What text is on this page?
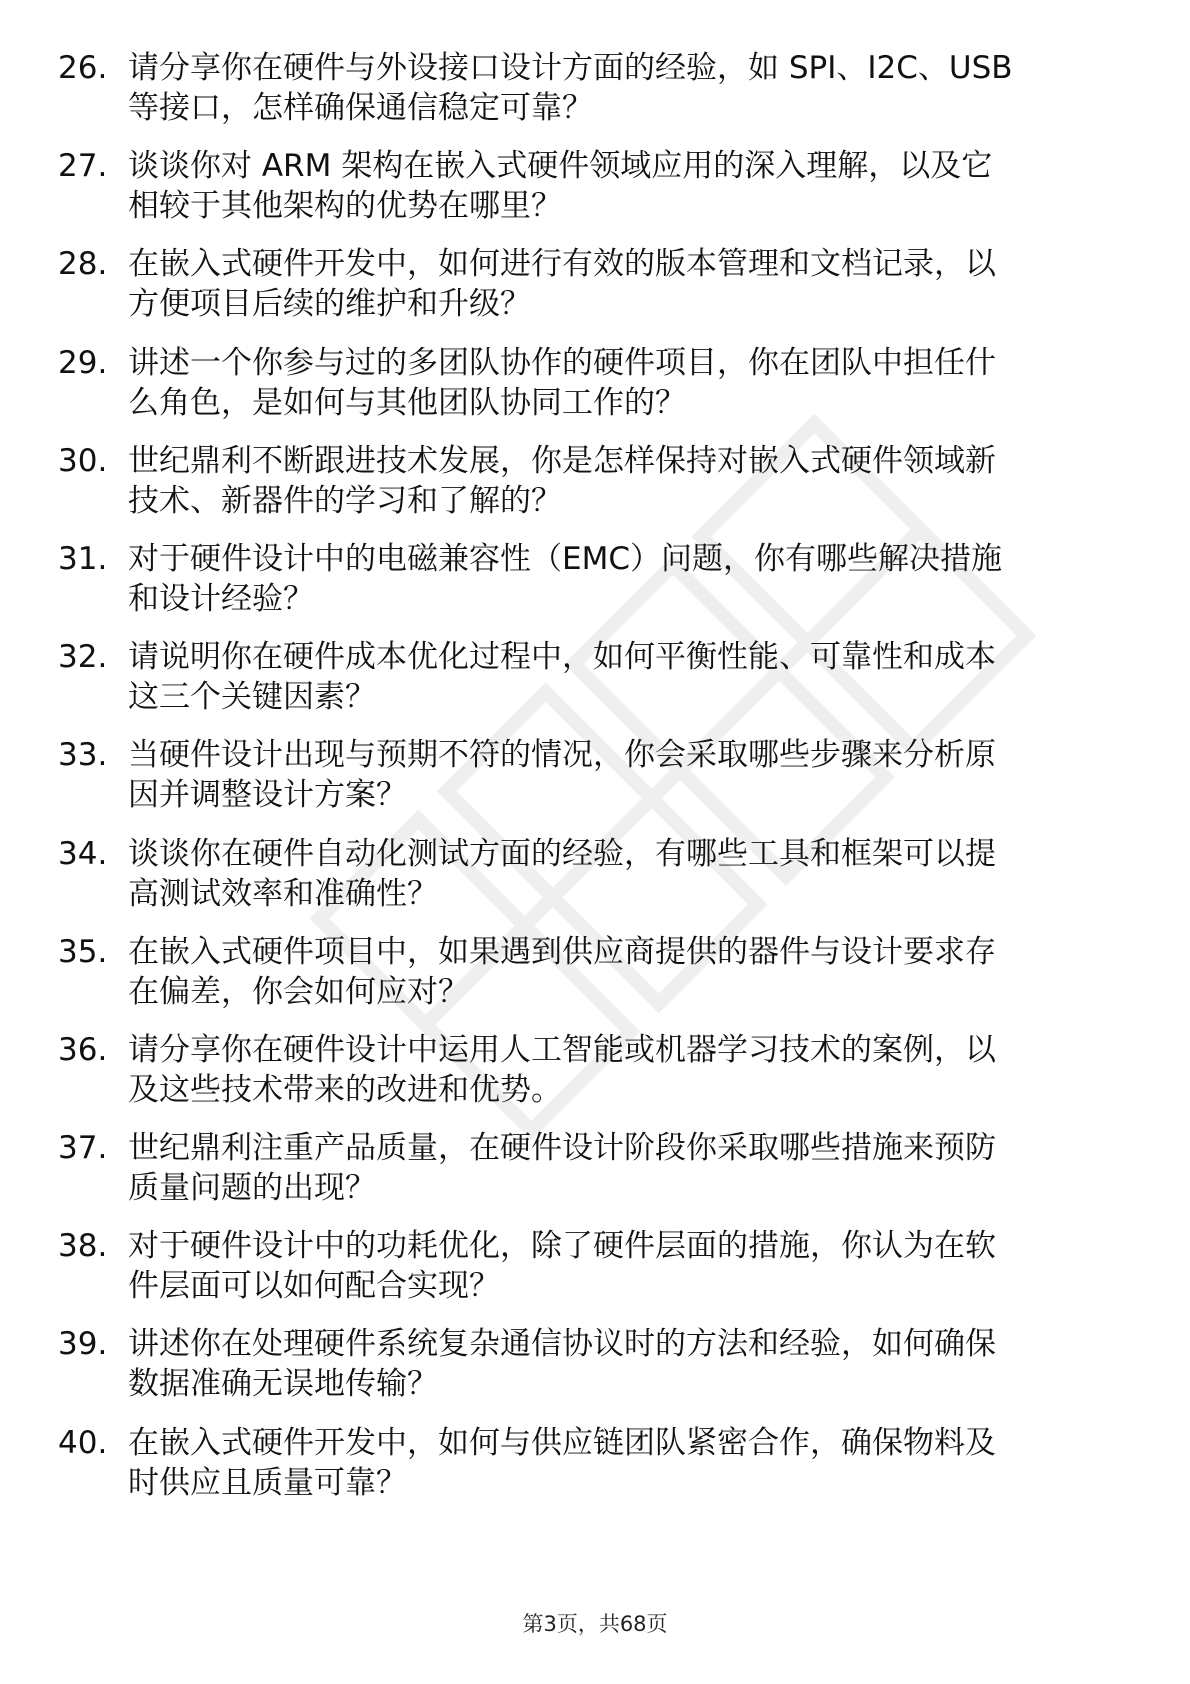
26. 请分享你在硬件与外设接口设计方面的经验，如 SPI、I2C、USB
等接口，怎样确保通信稳定可靠？
27. 谈谈你对 ARM 架构在嵌入式硬件领域应用的深入理解，以及它
相较于其他架构的优势在哪里？
28. 在嵌入式硬件开发中，如何进行有效的版本管理和文档记录，以
方便项目后续的维护和升级？
29. 讲述一个你参与过的多团队协作的硬件项目，你在团队中担任什
么角色，是如何与其他团队协同工作的？
30. 世纪鼎利不断跟进技术发展，你是怎样保持对嵌入式硬件领域新
技术、新器件的学习和了解的？
31. 对于硬件设计中的电磁兼容性（EMC）问题，你有哪些解决措施
和设计经验？
32. 请说明你在硬件成本优化过程中，如何平衡性能、可靠性和成本
这三个关键因素？
33. 当硬件设计出现与预期不符的情况，你会采取哪些步骤来分析原
因并调整设计方案？
34. 谈谈你在硬件自动化测试方面的经验，有哪些工具和框架可以提
高测试效率和准确性？
35. 在嵌入式硬件项目中，如果遇到供应商提供的器件与设计要求存
在偏差，你会如何应对？
36. 请分享你在硬件设计中运用人工智能或机器学习技术的案例，以
及这些技术带来的改进和优势。
37. 世纪鼎利注重产品质量，在硬件设计阶段你采取哪些措施来预防
质量问题的出现？
38. 对于硬件设计中的功耗优化，除了硬件层面的措施，你认为在软
件层面可以如何配合实现？
39. 讲述你在处理硬件系统复杂通信协议时的方法和经验，如何确保
数据准确无误地传输？
40. 在嵌入式硬件开发中，如何与供应链团队紧密合作，确保物料及
时供应且质量可靠？
第3页，共68页
